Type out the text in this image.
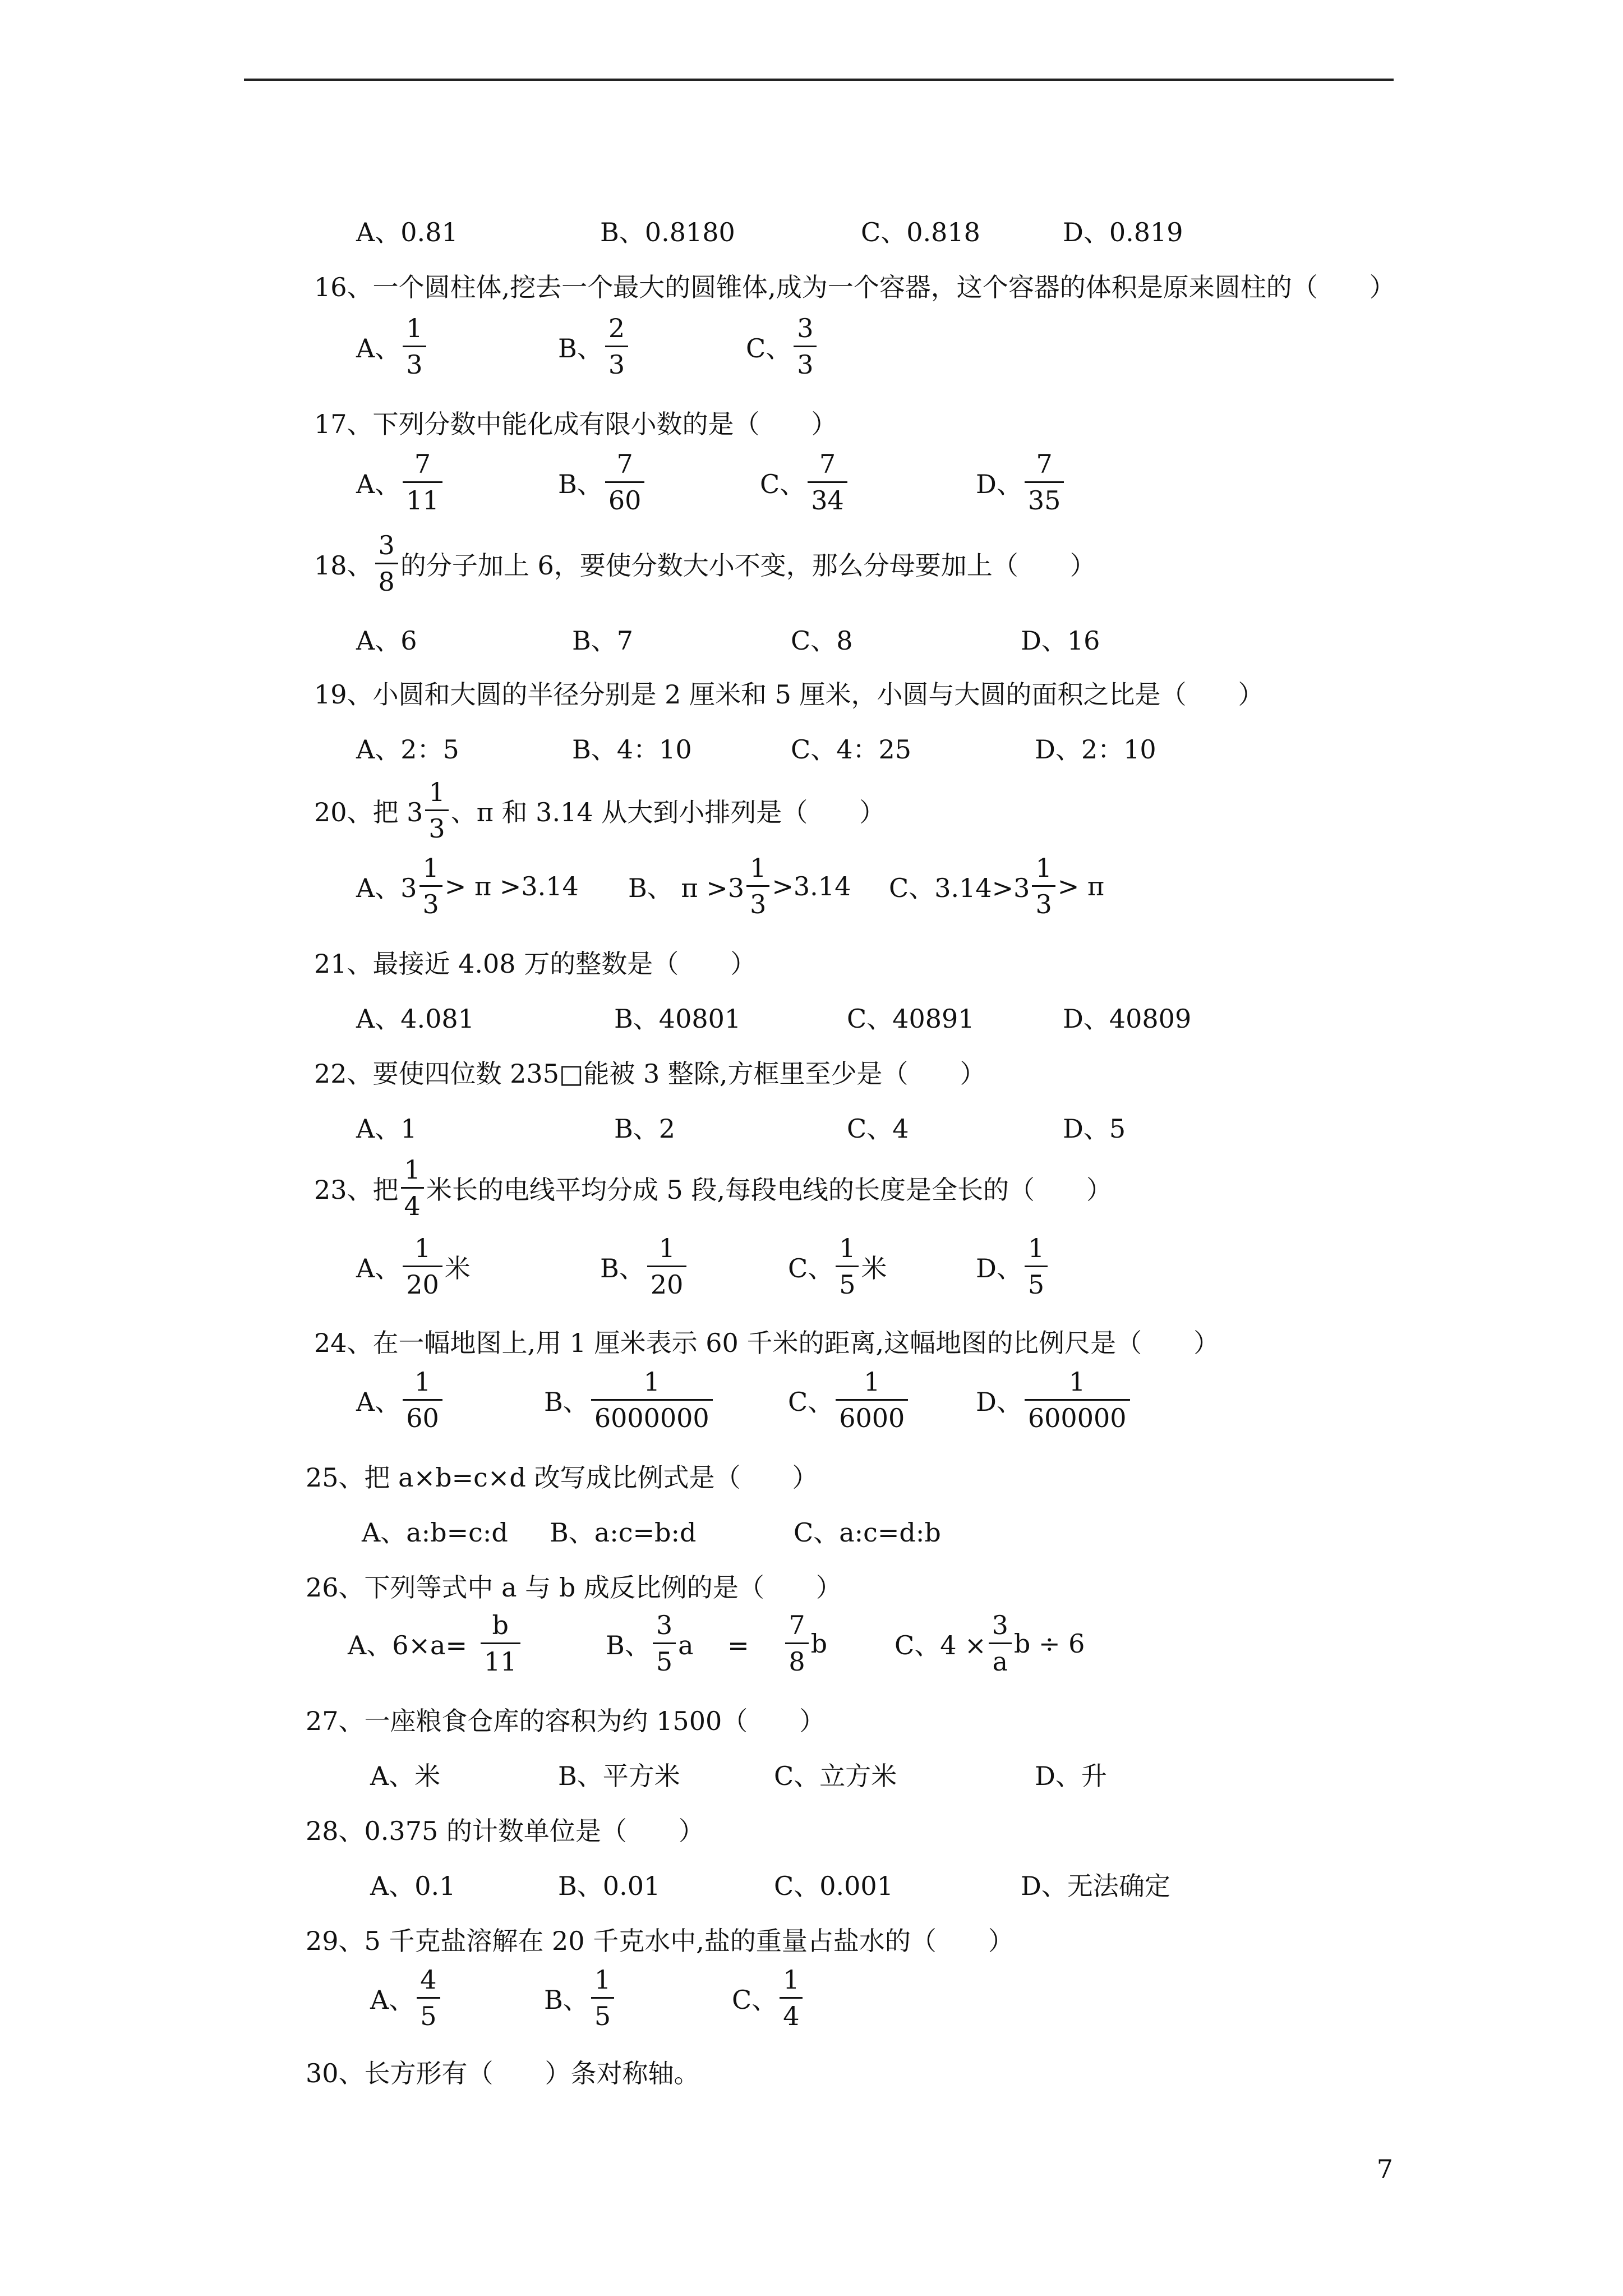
A、0.81	B、0.8180	C、0.818	D、0.819
16、一个圆柱体,挖去一个最大的圆锥体,成为一个容器，这个容器的体积是原来圆柱的（　　）
A、 $\frac{1}{3}$	B、 $\frac{2}{3}$	C、 $\frac{3}{3}$
17、下列分数中能化成有限小数的是（　　）
A、 $\frac{7}{11}$	B、 $\frac{7}{60}$	C、 $\frac{7}{34}$	D、 $\frac{7}{35}$
18、 $\frac{3}{8}$ 的分子加上 6，要使分数大小不变，那么分母要加上（　　）
A、6	B、7	C、8	D、16
19、小圆和大圆的半径分别是 2 厘米和 5 厘米，小圆与大圆的面积之比是（　　）
A、2：5	B、4：10	C、4：25	D、2：10
20、把 $3 \frac{1}{3}$ 、π 和 3.14 从大到小排列是（　　）
A、$3 \frac{1}{3} > \pi >3.14$ B、 $\pi >3 \frac{1}{3} >3.14$ C、$3.14>3 \frac{1}{3} > \pi$
21、最接近 4.08 万的整数是（　　）
A、4.081	B、40801	C、40891	D、40809
22、要使四位数 235□能被 3 整除,方框里至少是（　　）
A、1	B、2	C、4	D、5
23、把 $\frac{1}{4}$ 米长的电线平均分成 5 段,每段电线的长度是全长的（　　）
A、 $\frac{1}{20}$ 米	B、 $\frac{1}{20}$	C、 $\frac{1}{5}$ 米	D、 $\frac{1}{5}$
24、在一幅地图上,用 1 厘米表示 60 千米的距离,这幅地图的比例尺是（　　）
A、 $\frac{1}{60}$	B、 $\frac{1}{6000000}$	C、 $\frac{1}{6000}$	D、 $\frac{1}{600000}$
25、把 a×b=c×d 改写成比例式是（　　）
A、a:b=c:d B、a:c=b:d	C、a:c=d:b
26、下列等式中 a 与 b 成反比例的是（　　）
A、$6\times a= \frac{b}{11}$	B、 $\frac{3}{5}$ a　 = 　 $\frac{7}{8}$ b	C、$4 \times \frac{3}{a}$ b ÷ 6
27、一座粮食仓库的容积为约 1500（　　）
A、米	B、平方米	C、立方米	D、升
28、0.375 的计数单位是（　　）
A、0.1	B、0.01	C、0.001	D、无法确定
29、5 千克盐溶解在 20 千克水中,盐的重量占盐水的（　　）
A、 $\frac{4}{5}$	B、 $\frac{1}{5}$	C、 $\frac{1}{4}$
30、长方形有（　　）条对称轴。
7
